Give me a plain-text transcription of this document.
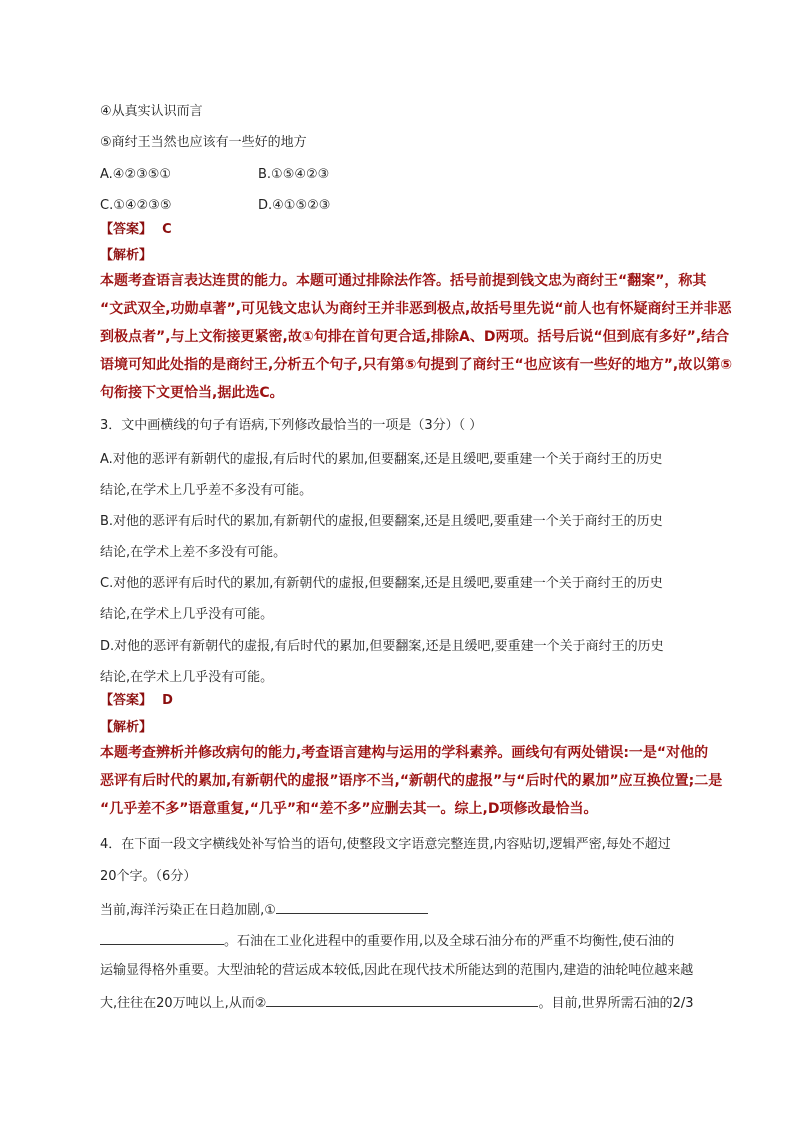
④从真实认识而言
⑤商纣王当然也应该有一些好的地方
A.④②③⑤①	B.①⑤④②③
C.①④②③⑤	D.④①⑤②③
【答案】 C
【解析】
本题考查语言表达连贯的能力。本题可通过排除法作答。括号前提到钱文忠为商纣王“翻案”，称其
“文武双全,功勋卓著”,可见钱文忠认为商纣王并非恶到极点,故括号里先说“前人也有怀疑商纣王并非恶
到极点者”,与上文衔接更紧密,故①句排在首句更合适,排除A、D两项。括号后说“但到底有多好”,结合
语境可知此处指的是商纣王,分析五个句子,只有第⑤句提到了商纣王“也应该有一些好的地方”,故以第⑤
句衔接下文更恰当,据此选C。
3．文中画横线的句子有语病,下列修改最恰当的一项是（3分）（ ）
A.对他的恶评有新朝代的虚报,有后时代的累加,但要翻案,还是且缓吧,要重建一个关于商纣王的历史
结论,在学术上几乎差不多没有可能。
B.对他的恶评有后时代的累加,有新朝代的虚报,但要翻案,还是且缓吧,要重建一个关于商纣王的历史
结论,在学术上差不多没有可能。
C.对他的恶评有后时代的累加,有新朝代的虚报,但要翻案,还是且缓吧,要重建一个关于商纣王的历史
结论,在学术上几乎没有可能。
D.对他的恶评有新朝代的虚报,有后时代的累加,但要翻案,还是且缓吧,要重建一个关于商纣王的历史
结论,在学术上几乎没有可能。
【答案】 D
【解析】
本题考查辨析并修改病句的能力,考查语言建构与运用的学科素养。画线句有两处错误:一是“对他的
恶评有后时代的累加,有新朝代的虚报”语序不当,“新朝代的虚报”与“后时代的累加”应互换位置;二是
“几乎差不多”语意重复,“几乎”和“差不多”应删去其一。综上,D项修改最恰当。
4．在下面一段文字横线处补写恰当的语句,使整段文字语意完整连贯,内容贴切,逻辑严密,每处不超过
20个字。（6分）
当前,海洋污染正在日趋加剧,①
。石油在工业化进程中的重要作用,以及全球石油分布的严重不均衡性,使石油的
运输显得格外重要。大型油轮的营运成本较低,因此在现代技术所能达到的范围内,建造的油轮吨位越来越
大,往往在20万吨以上,从而②	。目前,世界所需石油的2/3
